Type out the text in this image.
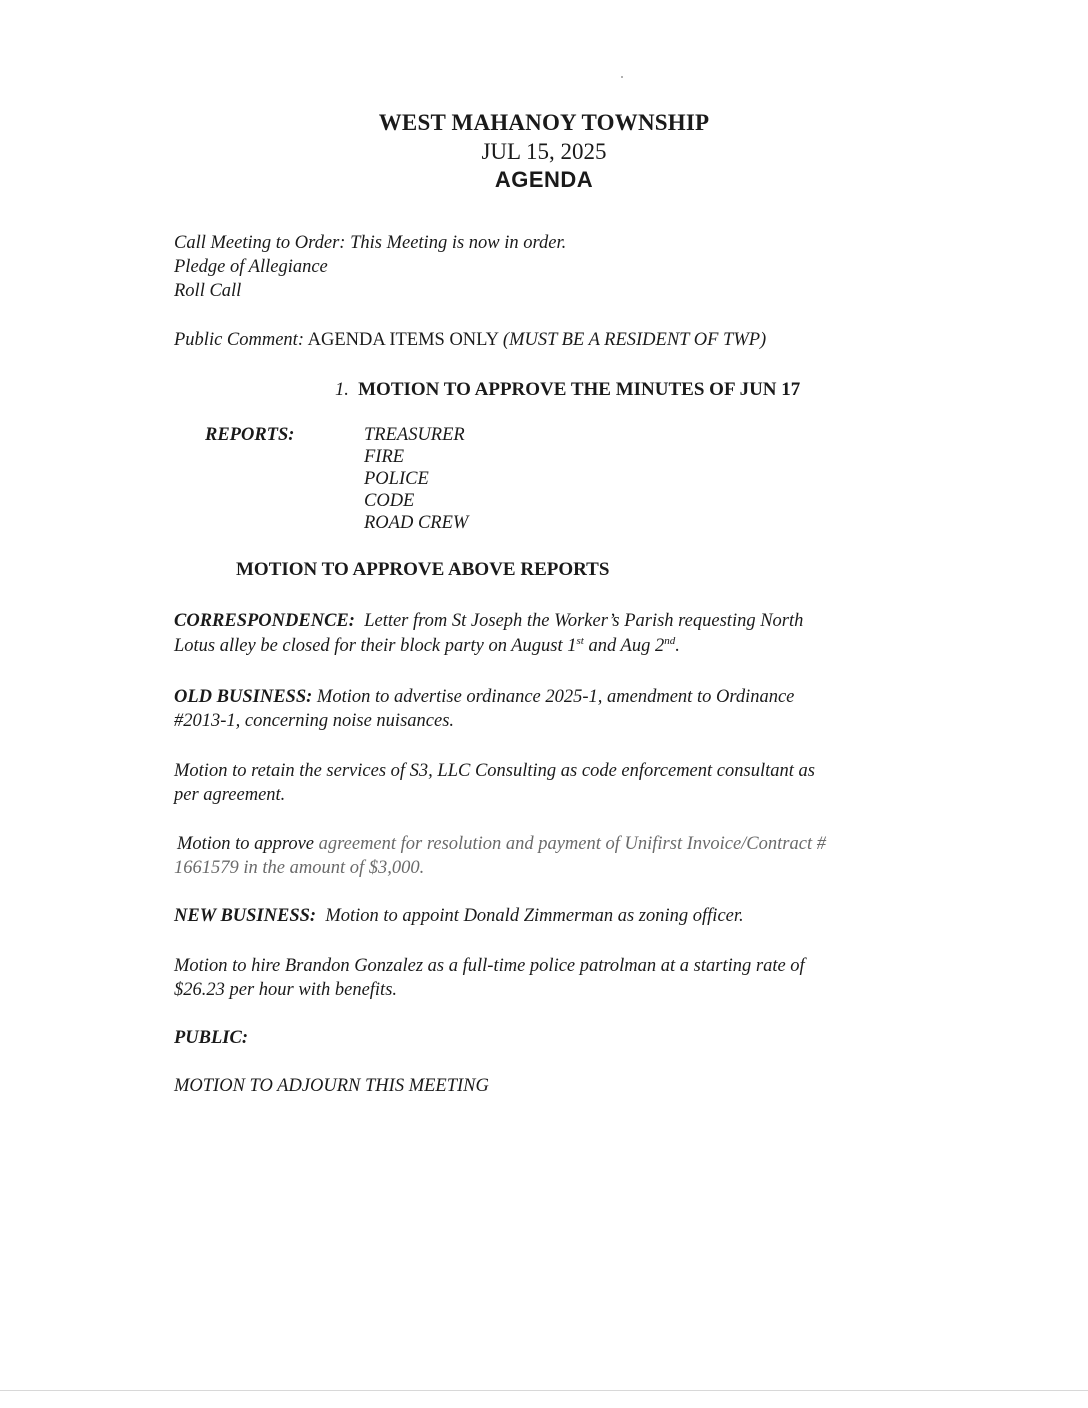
WEST MAHANOY TOWNSHIP
JUL 15, 2025
AGENDA
Call Meeting to Order: This Meeting is now in order.
Pledge of Allegiance
Roll Call
Public Comment: AGENDA ITEMS ONLY (MUST BE A RESIDENT OF TWP)
1. MOTION TO APPROVE THE MINUTES OF JUN 17
REPORTS:	TREASURER
FIRE
POLICE
CODE
ROAD CREW
MOTION TO APPROVE ABOVE REPORTS
CORRESPONDENCE: Letter from St Joseph the Worker’s Parish requesting North
Lotus alley be closed for their block party on August 1st and Aug 2nd.
OLD BUSINESS: Motion to advertise ordinance 2025-1, amendment to Ordinance
#2013-1, concerning noise nuisances.
Motion to retain the services of S3, LLC Consulting as code enforcement consultant as
per agreement.
Motion to approve agreement for resolution and payment of Unifirst Invoice/Contract #
1661579 in the amount of $3,000.
NEW BUSINESS: Motion to appoint Donald Zimmerman as zoning officer.
Motion to hire Brandon Gonzalez as a full-time police patrolman at a starting rate of
$26.23 per hour with benefits.
PUBLIC:
MOTION TO ADJOURN THIS MEETING
